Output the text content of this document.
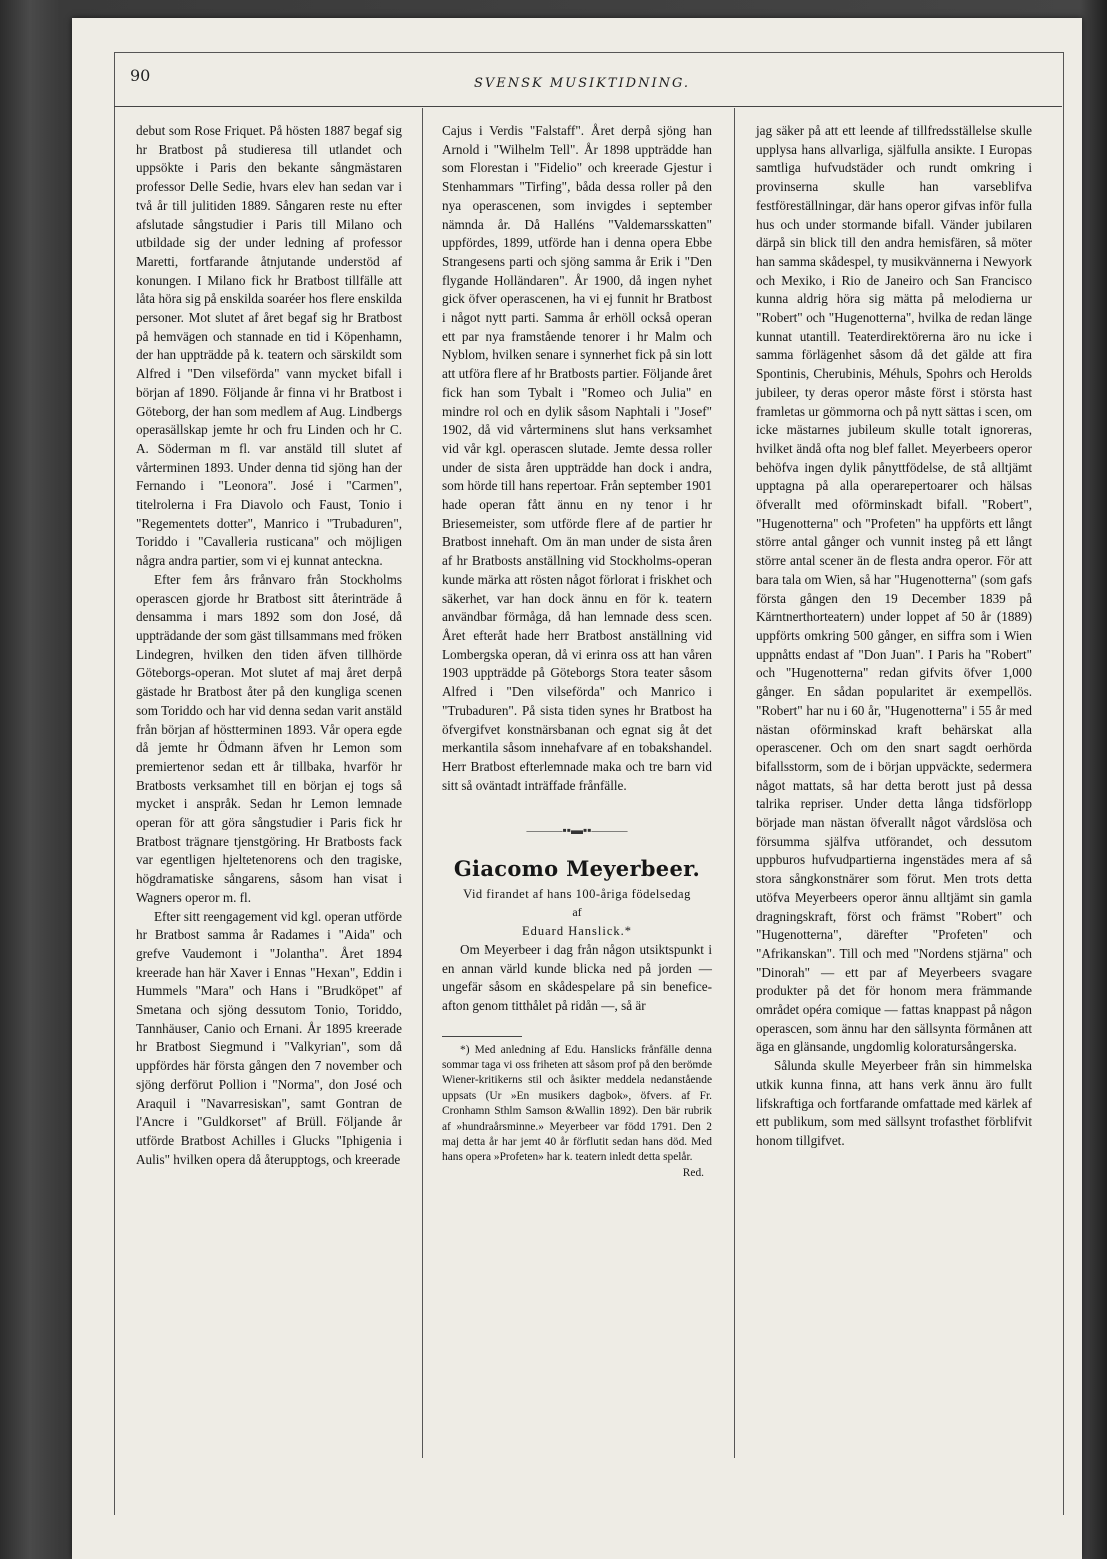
90	SVENSK MUSIKTIDNING.

debut som Rose Friquet. På hösten 1887 begaf sig hr Bratbost på studieresa till utlandet och uppsökte i Paris den bekante sångmästaren professor Delle Sedie, hvars elev han sedan var i två år till julitiden 1889. Sångaren reste nu efter afslutade sångstudier i Paris till Milano och utbildade sig der under ledning af professor Maretti, fortfarande åtnjutande understöd af konungen. I Milano fick hr Bratbost tillfälle att låta höra sig på enskilda soaréer hos flere enskilda personer. Mot slutet af året begaf sig hr Bratbost på hemvägen och stannade en tid i Köpenhamn, der han uppträdde på k. teatern och särskildt som Alfred i "Den vilseförda" vann mycket bifall i början af 1890. Följande år finna vi hr Bratbost i Göteborg, der han som medlem af Aug. Lindbergs operasällskap jemte hr och fru Linden och hr C. A. Söderman m fl. var anstäld till slutet af vårterminen 1893. Under denna tid sjöng han der Fernando i "Leonora". José i "Carmen", titelrolerna i Fra Diavolo och Faust, Tonio i "Regementets dotter", Manrico i "Trubaduren", Toriddo i "Cavalleria rusticana" och möjligen några andra partier, som vi ej kunnat anteckna.

Efter fem års frånvaro från Stockholms operascen gjorde hr Bratbost sitt återinträde å densamma i mars 1892 som don José, då uppträdande der som gäst tillsammans med fröken Lindegren, hvilken den tiden äfven tillhörde Göteborgs-operan. Mot slutet af maj året derpå gästade hr Bratbost åter på den kungliga scenen som Toriddo och har vid denna sedan varit anstäld från början af höstterminen 1893. Vår opera egde då jemte hr Ödmann äfven hr Lemon som premiertenor sedan ett år tillbaka, hvarför hr Bratbosts verksamhet till en början ej togs så mycket i anspråk. Sedan hr Lemon lemnade operan för att göra sångstudier i Paris fick hr Bratbost trägnare tjenstgöring. Hr Bratbosts fack var egentligen hjeltetenorens och den tragiske, högdramatiske sångarens, såsom han visat i Wagners operor m. fl.

Efter sitt reengagement vid kgl. operan utförde hr Bratbost samma år Radames i "Aida" och grefve Vaudemont i "Jolantha". Året 1894 kreerade han här Xaver i Ennas "Hexan", Eddin i Hummels "Mara" och Hans i "Brudköpet" af Smetana och sjöng dessutom Tonio, Toriddo, Tannhäuser, Canio och Ernani. År 1895 kreerade hr Bratbost Siegmund i "Valkyrian", som då uppfördes här första gången den 7 november och sjöng derförut Pollion i "Norma", don José och Araquil i "Navarresiskan", samt Gontran de l'Ancre i "Guldkorset" af Brüll. Följande år utförde Bratbost Achilles i Glucks "Iphigenia i Aulis" hvilken opera då återupptogs, och kreerade

Cajus i Verdis "Falstaff". Året derpå sjöng han Arnold i "Wilhelm Tell". År 1898 uppträdde han som Florestan i "Fidelio" och kreerade Gjestur i Stenhammars "Tirfing", båda dessa roller på den nya operascenen, som invigdes i september nämnda år. Då Halléns "Valdemarsskatten" uppfördes, 1899, utförde han i denna opera Ebbe Strangesens parti och sjöng samma år Erik i "Den flygande Holländaren". År 1900, då ingen nyhet gick öfver operascenen, ha vi ej funnit hr Bratbost i något nytt parti. Samma år erhöll också operan ett par nya framstående tenorer i hr Malm och Nyblom, hvilken senare i synnerhet fick på sin lott att utföra flere af hr Bratbosts partier. Följande året fick han som Tybalt i "Romeo och Julia" en mindre rol och en dylik såsom Naphtali i "Josef" 1902, då vid vårterminens slut hans verksamhet vid vår kgl. operascen slutade. Jemte dessa roller under de sista åren uppträdde han dock i andra, som hörde till hans repertoar. Från september 1901 hade operan fått ännu en ny tenor i hr Briesemeister, som utförde flere af de partier hr Bratbost innehaft. Om än man under de sista åren af hr Bratbosts anställning vid Stockholms-operan kunde märka att rösten något förlorat i friskhet och säkerhet, var han dock ännu en för k. teatern användbar förmåga, då han lemnade dess scen. Året efteråt hade herr Bratbost anställning vid Lombergska operan, då vi erinra oss att han våren 1903 uppträdde på Göteborgs Stora teater såsom Alfred i "Den vilseförda" och Manrico i "Trubaduren". På sista tiden synes hr Bratbost ha öfvergifvet konstnärsbanan och egnat sig åt det merkantila såsom innehafvare af en tobakshandel. Herr Bratbost efterlemnade maka och tre barn vid sitt så oväntadt inträffade frånfälle.

———▪▪▬▪▪———
Giacomo Meyerbeer.

Vid firandet af hans 100-åriga födelsedag

af

Eduard Hanslick.*

Om Meyerbeer i dag från någon utsiktspunkt i en annan värld kunde blicka ned på jorden — ungefär såsom en skådespelare på sin benefice-afton genom titthålet på ridån —, så är

*) Med anledning af Edu. Hanslicks frånfälle denna sommar taga vi oss friheten att såsom prof på den berömde Wiener-kritikerns stil och åsikter meddela nedanstående uppsats (Ur »En musikers dagbok», öfvers. af Fr. Cronhamn Sthlm Samson &Wallin 1892). Den bär rubrik af »hundraårsminne.» Meyerbeer var född 1791. Den 2 maj detta år har jemt 40 år förflutit sedan hans död. Med hans opera »Profeten» har k. teatern inledt detta spelår.

Red.

jag säker på att ett leende af tillfredsställelse skulle upplysa hans allvarliga, själfulla ansikte. I Europas samtliga hufvudstäder och rundt omkring i provinserna skulle han varseblifva festföreställningar, där hans operor gifvas inför fulla hus och under stormande bifall. Vänder jubilaren därpå sin blick till den andra hemisfären, så möter han samma skådespel, ty musikvännerna i Newyork och Mexiko, i Rio de Janeiro och San Francisco kunna aldrig höra sig mätta på melodierna ur "Robert" och "Hugenotterna", hvilka de redan länge kunnat utantill. Teaterdirektörerna äro nu icke i samma förlägenhet såsom då det gälde att fira Spontinis, Cherubinis, Méhuls, Spohrs och Herolds jubileer, ty deras operor måste först i största hast framletas ur gömmorna och på nytt sättas i scen, om icke mästarnes jubileum skulle totalt ignoreras, hvilket ändå ofta nog blef fallet. Meyerbeers operor behöfva ingen dylik pånyttfödelse, de stå alltjämt upptagna på alla operarepertoarer och hälsas öfverallt med oförminskadt bifall. "Robert", "Hugenotterna" och "Profeten" ha uppförts ett långt större antal gånger och vunnit insteg på ett långt större antal scener än de flesta andra operor. För att bara tala om Wien, så har "Hugenotterna" (som gafs första gången den 19 December 1839 på Kärntnerthorteatern) under loppet af 50 år (1889) uppförts omkring 500 gånger, en siffra som i Wien uppnåtts endast af "Don Juan". I Paris ha "Robert" och "Hugenotterna" redan gifvits öfver 1,000 gånger. En sådan popularitet är exempellös. "Robert" har nu i 60 år, "Hugenotterna" i 55 år med nästan oförminskad kraft behärskat alla operascener. Och om den snart sagdt oerhörda bifallsstorm, som de i början uppväckte, sedermera något mattats, så har detta berott just på dessa talrika repriser. Under detta långa tidsförlopp började man nästan öfverallt något vårdslösa och försumma själfva utförandet, och dessutom uppburos hufvudpartierna ingenstädes mera af så stora sångkonstnärer som förut. Men trots detta utöfva Meyerbeers operor ännu alltjämt sin gamla dragningskraft, först och främst "Robert" och "Hugenotterna", därefter "Profeten" och "Afrikanskan". Till och med "Nordens stjärna" och "Dinorah" — ett par af Meyerbeers svagare produkter på det för honom mera främmande området opéra comique — fattas knappast på någon operascen, som ännu har den sällsynta förmånen att äga en glänsande, ungdomlig koloratursångerska.

Sålunda skulle Meyerbeer från sin himmelska utkik kunna finna, att hans verk ännu äro fullt lifskraftiga och fortfarande omfattade med kärlek af ett publikum, som med sällsynt trofasthet förblifvit honom tillgifvet.
